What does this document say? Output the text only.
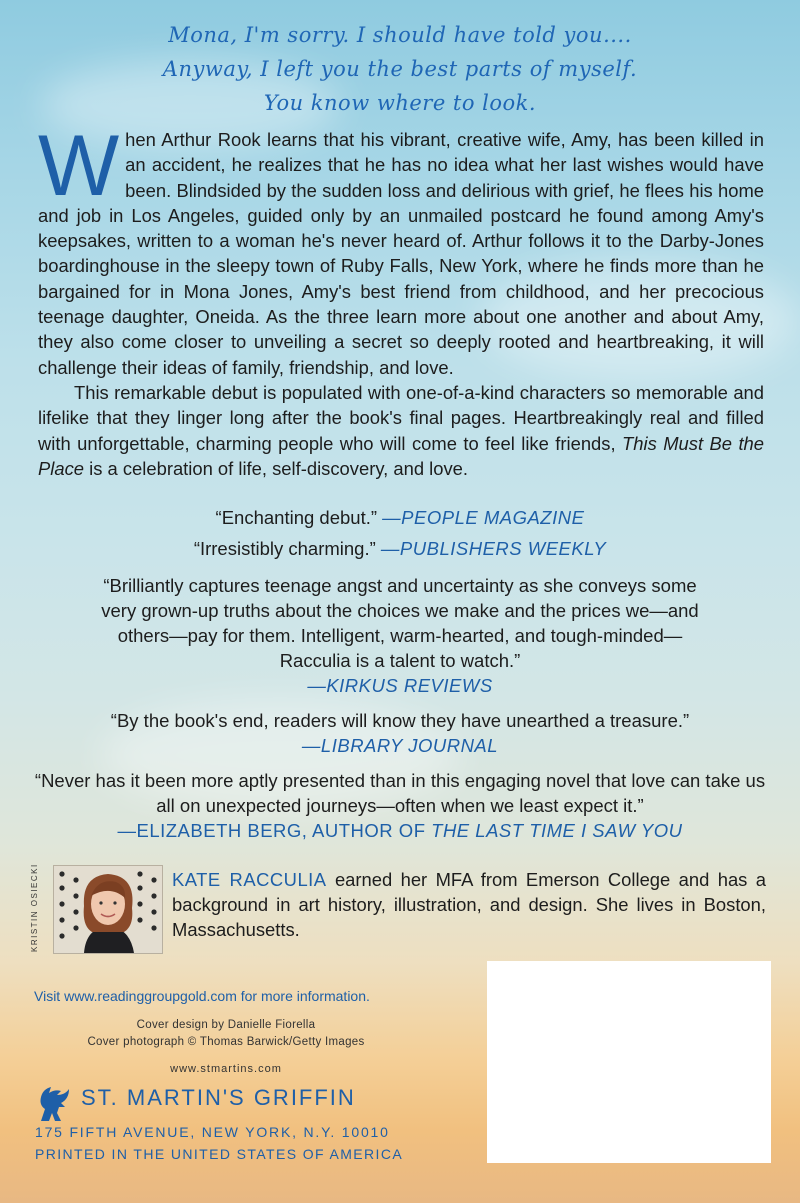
Mona, I'm sorry. I should have told you....
Anyway, I left you the best parts of myself.
You know where to look.

When Arthur Rook learns that his vibrant, creative wife, Amy, has been killed in an accident, he realizes that he has no idea what her last wishes would have been. Blindsided by the sudden loss and delirious with grief, he flees his home and job in Los Angeles, guided only by an unmailed postcard he found among Amy's keepsakes, written to a woman he's never heard of. Arthur follows it to the Darby-Jones boardinghouse in the sleepy town of Ruby Falls, New York, where he finds more than he bargained for in Mona Jones, Amy's best friend from childhood, and her precocious teenage daughter, Oneida. As the three learn more about one another and about Amy, they also come closer to unveiling a secret so deeply rooted and heartbreaking, it will challenge their ideas of family, friendship, and love.

This remarkable debut is populated with one-of-a-kind characters so memorable and lifelike that they linger long after the book's final pages. Heartbreakingly real and filled with unforgettable, charming people who will come to feel like friends, This Must Be the Place is a celebration of life, self-discovery, and love.

“Enchanting debut.” —PEOPLE MAGAZINE
“Irresistibly charming.” —PUBLISHERS WEEKLY
“Brilliantly captures teenage angst and uncertainty as she conveys some very grown-up truths about the choices we make and the prices we—and others—pay for them. Intelligent, warm-hearted, and tough-minded—Racculia is a talent to watch.”
—KIRKUS REVIEWS
“By the book's end, readers will know they have unearthed a treasure.”
—LIBRARY JOURNAL
“Never has it been more aptly presented than in this engaging novel that love can take us all on unexpected journeys—often when we least expect it.”
—ELIZABETH BERG, AUTHOR OF THE LAST TIME I SAW YOU
KRISTIN OSIECKI	KATE RACCULIA earned her MFA from Emerson College and has a background in art history, illustration, and design. She lives in Boston, Massachusetts.
Visit www.readinggroupgold.com for more information.
Cover design by Danielle Fiorella
Cover photograph © Thomas Barwick/Getty Images
www.stmartins.com
ST. MARTIN'S GRIFFIN
175 FIFTH AVENUE, NEW YORK, N.Y. 10010
PRINTED IN THE UNITED STATES OF AMERICA
